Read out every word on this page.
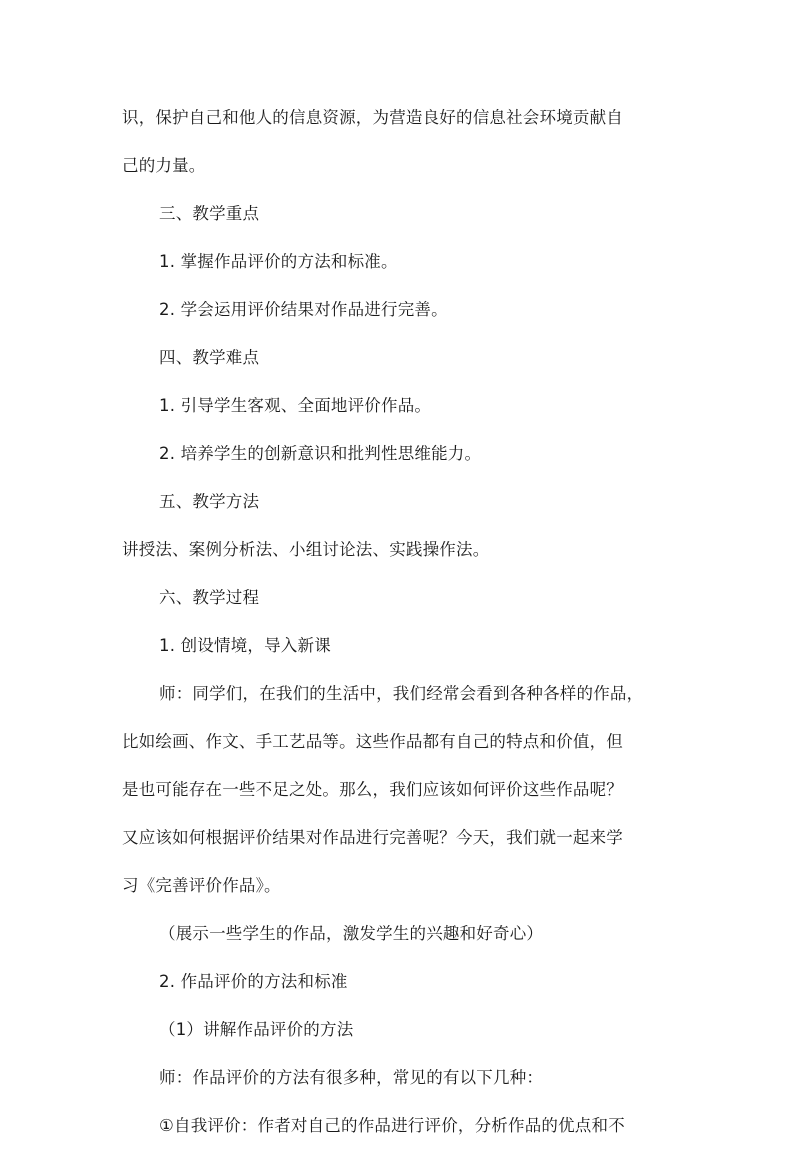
识，保护自己和他人的信息资源，为营造良好的信息社会环境贡献自
己的力量。
三、教学重点
1. 掌握作品评价的方法和标准。
2. 学会运用评价结果对作品进行完善。
四、教学难点
1. 引导学生客观、全面地评价作品。
2. 培养学生的创新意识和批判性思维能力。
五、教学方法
讲授法、案例分析法、小组讨论法、实践操作法。
六、教学过程
1. 创设情境，导入新课
师：同学们，在我们的生活中，我们经常会看到各种各样的作品，
比如绘画、作文、手工艺品等。这些作品都有自己的特点和价值，但
是也可能存在一些不足之处。那么，我们应该如何评价这些作品呢？
又应该如何根据评价结果对作品进行完善呢？今天，我们就一起来学
习《完善评价作品》。
（展示一些学生的作品，激发学生的兴趣和好奇心）
2. 作品评价的方法和标准
（1）讲解作品评价的方法
师：作品评价的方法有很多种，常见的有以下几种：
①自我评价：作者对自己的作品进行评价，分析作品的优点和不
